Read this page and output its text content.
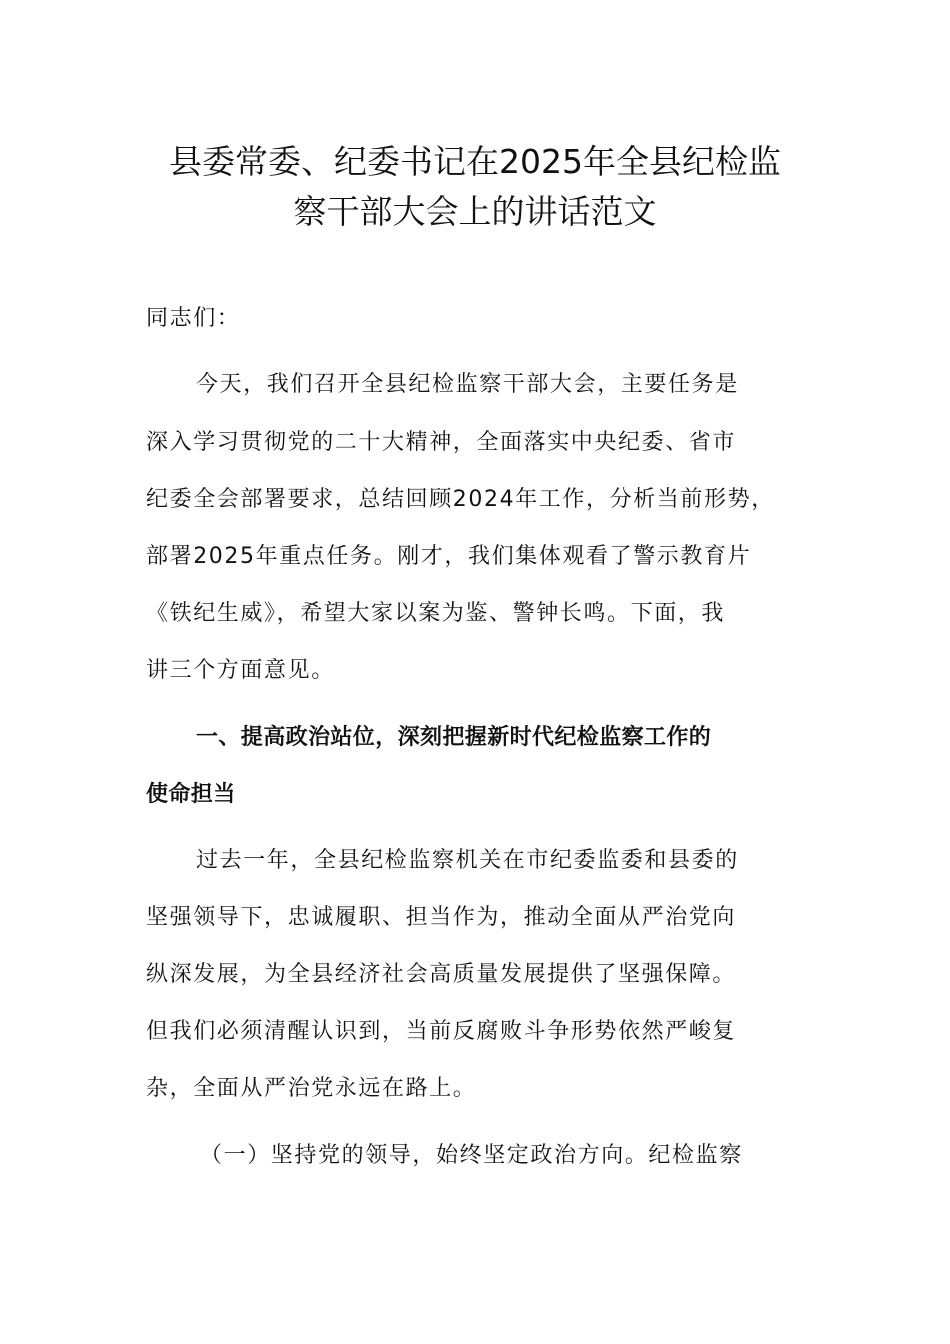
县委常委、纪委书记在2025年全县纪检监
察干部大会上的讲话范文
同志们：
今天，我们召开全县纪检监察干部大会，主要任务是
深入学习贯彻党的二十大精神，全面落实中央纪委、省市
纪委全会部署要求，总结回顾2024年工作，分析当前形势，
部署2025年重点任务。刚才，我们集体观看了警示教育片
《铁纪生威》，希望大家以案为鉴、警钟长鸣。下面，我
讲三个方面意见。
一、提高政治站位，深刻把握新时代纪检监察工作的
使命担当
过去一年，全县纪检监察机关在市纪委监委和县委的
坚强领导下，忠诚履职、担当作为，推动全面从严治党向
纵深发展，为全县经济社会高质量发展提供了坚强保障。
但我们必须清醒认识到，当前反腐败斗争形势依然严峻复
杂，全面从严治党永远在路上。
（一）坚持党的领导，始终坚定政治方向。纪检监察
